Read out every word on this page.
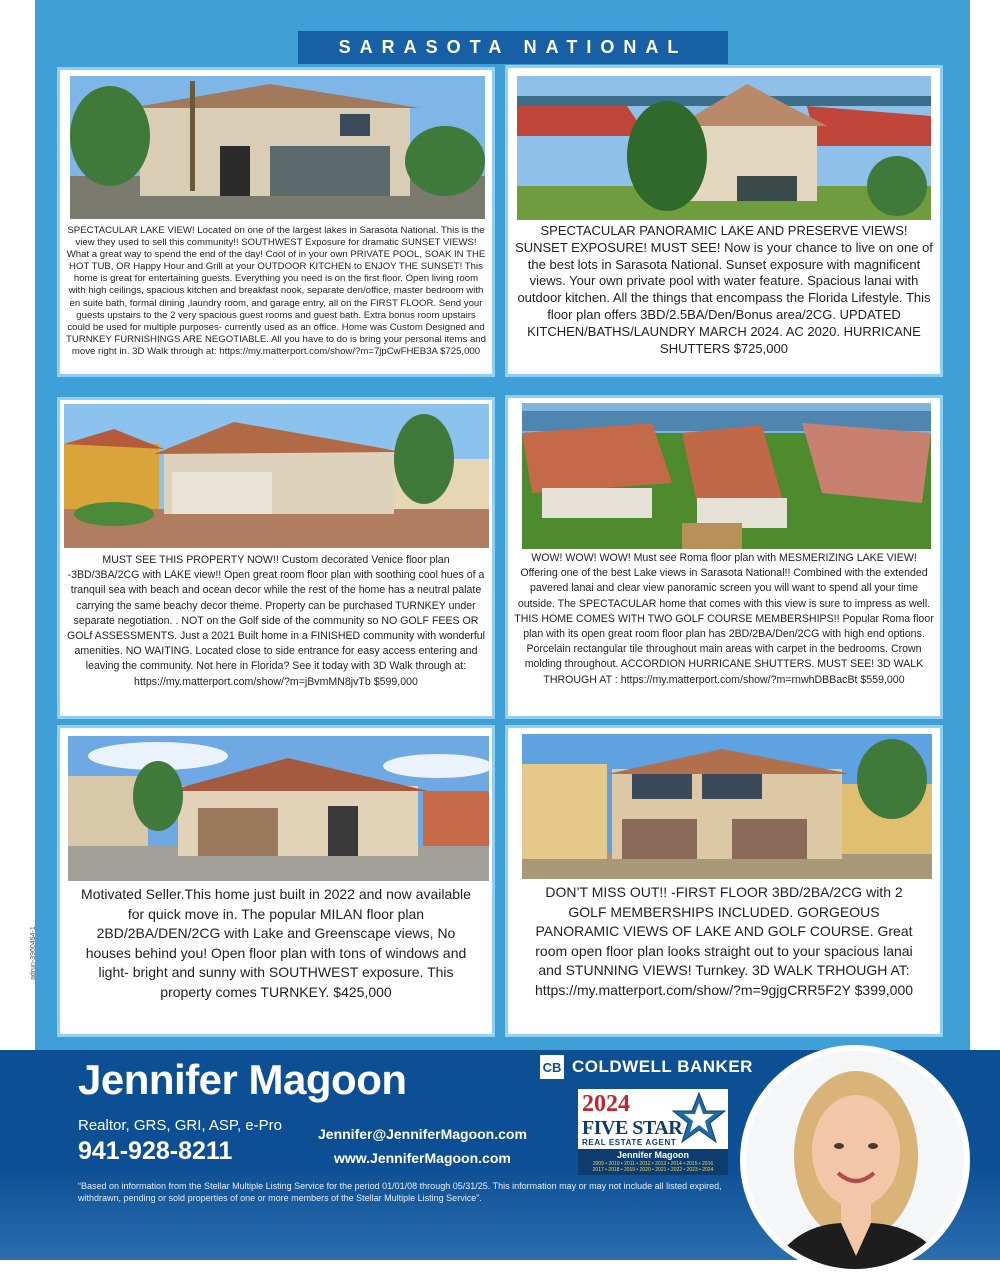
SARASOTA NATIONAL
SPECTACULAR LAKE VIEW! Located on one of the largest lakes in Sarasota National. This is the view they used to sell this community!! SOUTHWEST Exposure for dramatic SUNSET VIEWS! What a great way to spend the end of the day! Cool of in your own PRIVATE POOL, SOAK IN THE HOT TUB, OR Happy Hour and Grill at your OUTDOOR KITCHEN to ENJOY THE SUNSET! This home is great for entertaining guests. Everything you need is on the first floor. Open living room with high ceilings, spacious kitchen and breakfast nook, separate den/office, master bedroom with en suite bath, formal dining ,laundry room, and garage entry, all on the FIRST FLOOR. Send your guests upstairs to the 2 very spacious guest rooms and guest bath. Extra bonus room upstairs could be used for multiple purposes- currently used as an office. Home was Custom Designed and TURNKEY FURNISHINGS ARE NEGOTIABLE. All you have to do is bring your personal items and move right in. 3D Walk through at: https://my.matterport.com/show/?m=7jpCwFHEB3A $725,000
SPECTACULAR PANORAMIC LAKE AND PRESERVE VIEWS! SUNSET EXPOSURE! MUST SEE! Now is your chance to live on one of the best lots in Sarasota National. Sunset exposure with magnificent views. Your own private pool with water feature. Spacious lanai with outdoor kitchen. All the things that encompass the Florida Lifestyle. This floor plan offers 3BD/2.5BA/Den/Bonus area/2CG. UPDATED KITCHEN/BATHS/LAUNDRY MARCH 2024. AC 2020. HURRICANE SHUTTERS $725,000
MUST SEE THIS PROPERTY NOW!! Custom decorated Venice floor plan -3BD/3BA/2CG with LAKE view!! Open great room floor plan with soothing cool hues of a tranquil sea with beach and ocean decor while the rest of the home has a neutral palate carrying the same beachy decor theme. Property can be purchased TURNKEY under separate negotiation. . NOT on the Golf side of the community so NO GOLF FEES OR GOLf ASSESSMENTS. Just a 2021 Built home in a FINISHED community with wonderful amenities. NO WAITING. Located close to side entrance for easy access entering and leaving the community. Not here in Florida? See it today with 3D Walk through at: https://my.matterport.com/show/?m=jBvmMN8jvTb $599,000
WOW! WOW! WOW! Must see Roma floor plan with MESMERIZING LAKE VIEW! Offering one of the best Lake views in Sarasota National!! Combined with the extended pavered lanai and clear view panoramic screen you will want to spend all your time outside. The SPECTACULAR home that comes with this view is sure to impress as well. THIS HOME COMES WITH TWO GOLF COURSE MEMBERSHIPS!! Popular Roma floor plan with its open great room floor plan has 2BD/2BA/Den/2CG with high end options. Porcelain rectangular tile throughout main areas with carpet in the bedrooms. Crown molding throughout. ACCORDION HURRICANE SHUTTERS. MUST SEE! 3D WALK THROUGH AT : https://my.matterport.com/show/?m=rnwhDBBacBt $559,000
Motivated Seller.This home just built in 2022 and now available for quick move in. The popular MILAN floor plan 2BD/2BA/DEN/2CG with Lake and Greenscape views, No houses behind you! Open floor plan with tons of windows and light- bright and sunny with SOUTHWEST exposure. This property comes TURNKEY. $425,000
DON’T MISS OUT!! -FIRST FLOOR 3BD/2BA/2CG with 2 GOLF MEMBERSHIPS INCLUDED. GORGEOUS PANORAMIC VIEWS OF LAKE AND GOLF COURSE. Great room open floor plan looks straight out to your spacious lanai and STUNNING VIEWS! Turnkey. 3D WALK TRHOUGH AT: https://my.matterport.com/show/?m=9gjgCRR5F2Y $399,000
adrun-3960454-1
Jennifer Magoon
Realtor, GRS, GRI, ASP, e-Pro
941-928-8211
Jennifer@JenniferMagoon.com
www.JenniferMagoon.com
“Based on information from the Stellar Multiple Listing Service for the period 01/01/08 through 05/31/25. This information may or may not include all listed expired, withdrawn, pending or sold properties of one or more members of the Stellar Multiple Listing Service”.
CB COLDWELL BANKER
2024
FIVE STAR
REAL ESTATE AGENT
Jennifer Magoon
2009 • 2010 • 2011 • 2012 • 2013 • 2014 • 2015 • 2016
2017 • 2018 • 2019 • 2020 • 2021 • 2022 • 2023 • 2024
